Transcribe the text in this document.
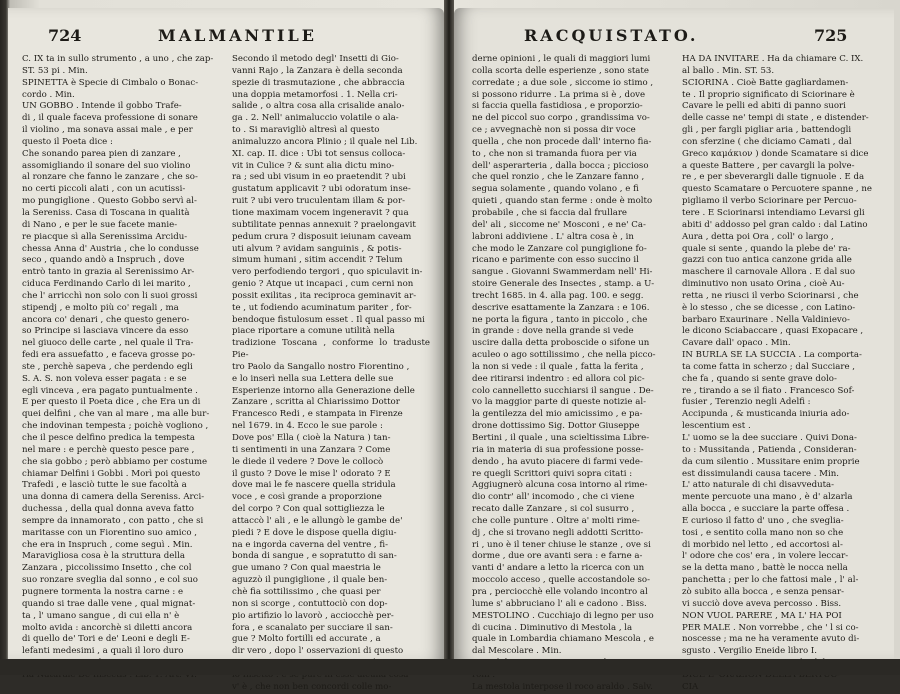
724	MALMANTILE

C. IX ta in sullo strumento , a uno , che zap-

ST. 53 pi . Min.

SPINETTA è Specie di Cimbalo o Bonac-

cordo . Min.

UN GOBBO . Intende il gobbo Trafe-

di , il quale faceva professione di sonare

il violino , ma sonava assai male , e per

questo il Poeta dice :

Che sonando parea pien di zanzare ,

assomigliando il sonare del suo violino

al ronzare che fanno le zanzare , che so-

no certi piccoli alati , con un acutissi-

mo pungiglione . Questo Gobbo servì al-

la Sereniss. Casa di Toscana in qualità

di Nano , e per le sue facete manie-

re piacque sì alla Serenissima Arcidu-

chessa Anna d' Austria , che lo condusse

seco , quando andò a Inspruch , dove

entrò tanto in grazia al Serenissimo Ar-

ciduca Ferdinando Carlo di lei marito ,

che l' arricchì non solo con li suoi grossi

stipendj , e molto più co' regali , ma

ancora co' denari , che questo genero-

so Principe si lasciava vincere da esso

nel giuoco delle carte , nel quale il Tra-

fedi era assuefatto , e faceva grosse po-

ste , perchè sapeva , che perdendo egli

S. A. S. non voleva esser pagata : e se

egli vinceva , era pagato puntualmente .

E per questo il Poeta dice , che Era un di

quei delfini , che van al mare , ma alle bur-

che indovinan tempesta ; poichè vogliono ,

che il pesce delfino predica la tempesta

nel mare : e perchè questo pesce pare ,

che sia gobbo ; però abbiamo per costume

chiamar Delfini i Gobbi . Morì poi questo

Trafedi , e lasciò tutte le sue facoltà a

una donna di camera della Sereniss. Arci-

duchessa , della qual donna aveva fatto

sempre da innamorato , con patto , che si

maritasse con un Fiorentino suo amico ,

che era in Inspruch , come seguì . Min.

Maravigliosa cosa è la struttura della

Zanzara , piccolissimo Insetto , che col

suo ronzare sveglia dal sonno , e col suo

pugnere tormenta la nostra carne : e

quando si trae dalle vene , qual mignat-

ta , l' umano sangue , di cui ella n' è

molto avida : ancorchè si diletti ancora

di quello de' Tori e de' Leoni e degli E-

lefanti medesimi , a quali il loro duro

Secondo il metodo degl' Insetti di Gio-

vanni Rajo , la Zanzara è della seconda

spezie di trasmutazione , che abbraccia

una doppia metamorfosi . 1. Nella cri-

salide , o altra cosa alla crisalide analo-

ga . 2. Nell' animaluccio volatile o ala-

to . Si maravigliò altresì al questo

animaluzzo ancora Plinio ; il quale nel Lib.

XI. cap. II. dice : Ubi tot sensus colloca-

vit in Culice ? & sunt alia dictu mino-

ra ; sed ubi visum in eo praetendit ? ubi

gustatum applicavit ? ubi odoratum inse-

ruit ? ubi vero truculentam illam & por-

tione maximam vocem ingeneravit ? qua

subtilitate pennas annexuit ? praelongavit

pedum crura ? disposuit ieiunam caveam

uti alvum ? avidam sanguinis , & potis-

simum humani , sitim accendit ? Telum

vero perfodiendo tergori , quo spiculavit in-

genio ? Atque ut incapaci , cum cerni non

possit exilitas , ita reciproca geminavit ar-

te , ut fodiendo acuminatum pariter , for-

bendoque fistulosum esset . Il qual passo mi

piace riportare a comune utilità nella

tradizione Toscana , conforme lo traduste Pie-

tro Paolo da Sangallo nostro Fiorentino ,

e lo inserì nella sua Lettera delle sue

Esperienze intorno alla Generazione delle

Zanzare , scritta al Chiarissimo Dottor

Francesco Redi , e stampata in Firenze

nel 1679. in 4. Ecco le sue parole :

Dove pos' Ella ( cioè la Natura ) tan-

ti sentimenti in una Zanzara ? Come

le diede il vedere ? Dove le collocò

il gusto ? Dove le mise l' odorato ? E

dove mai le fe nascere quella stridula

voce , e così grande a proporzione

del corpo ? Con qual sottigliezza le

attaccò l' ali , e le allungò le gambe de'

piedi ? E dove le dispose quella digiu-

na e ingorda caverna del ventre , fi-

bonda di sangue , e sopratutto di san-

gue umano ? Con qual maestria le

aguzzò il pungiglione , il quale ben-

chè fia sottilissimo , che quasi per

non si scorge , contuttociò con dop-

pio artifizio lo lavorò , acciocchè per-

fora , e scanalato per succiare il san-

gue ? Molto fortilli ed accurate , a

dir vero , dopo l' osservazioni di questo

v' è , che non ben concordi colle mo-

RACQUISTATO.	725

derne opinioni , le quali di maggiori lumi

colla scorta delle esperienze , sono state

corredate ; a due sole , siccome io stimo ,

si possono ridurre . La prima si è , dove

si faccia quella fastidiosa , e proporzio-

ne del piccol suo corpo , grandissima vo-

ce ; avvegnachè non si possa dir voce

quella , che non procede dall' interno fia-

to , che non si tramanda fuora per via

dell' asperarteria , dalla bocca ; piccioso

che quel ronzio , che le Zanzare fanno ,

segua solamente , quando volano , e fi

quieti , quando stan ferme : onde è molto

probabile , che si faccia dal frullare

del' ali , siccome ne' Mosconi , e ne' Ca-

labroni addiviene . L' altra cosa è , in

che modo le Zanzare col pungiglione fo-

ricano e parimente con esso succino il

sangue . Giovanni Swammerdam nell' Hi-

stoire Generale des Insectes , stamp. a U-

trecht 1685. in 4. alla pag. 100. e segg.

descrive esattamente la Zanzara : e 106.

ne porta la figura , tanto in piccolo , che

in grande : dove nella grande si vede

uscire dalla detta proboscide o sifone un

aculeo o ago sottilissimo , che nella picco-

la non si vede : il quale , fatta la ferita ,

dee ritirarsi indentro : ed allora col pic-

colo cannelletto succhiarsi il sangue . De-

vo la maggior parte di queste notizie al-

la gentilezza del mio amicissimo , e pa-

drone dottissimo Sig. Dottor Giuseppe

Bertini , il quale , una scieltissima Libre-

ria in materia di sua professione posse-

dendo , ha avuto piacere di farmi vede-

re quegli Scrittori quivi sopra citati :

Aggiugnerò alcuna cosa intorno al rime-

dio contr' all' incomodo , che ci viene

recato dalle Zanzare , si col susurro ,

che colle punture . Oltre a' molti rime-

dj , che si trovano negli addotti Scritto-

ri , uno è il tener chiuse le stanze , ove si

dorme , due ore avanti sera : e farne a-

vanti d' andare a letto la ricerca con un

moccolo acceso , quelle accostandole so-

pra , perciocchè elle volando incontro al

lume s' abbruciano l' ali e cadono . Biss.

MESTOLINO . Cucchiajo di legno per uso

di cucina . Diminutivo di Mestola , la

quale in Lombardia chiamano Mescola , e

dal Mescolare . Min.

La mestola interpose il roco araldo . Salv.

HA DA INVITARE . Ha da chiamare C. IX.

al ballo . Min. ST. 53.

SCIORINA . Cioè Batte gagliardamen-

te . Il proprio significato di Sciorinare è

Cavare le pelli ed abiti di panno suori

delle casse ne' tempi di state , e distender-

gli , per fargli pigliar aria , battendogli

con sferzine ( che diciamo Camati , dal

Greco καμάκιον ) donde Scamatare si dice

a queste Battere , per cavargli la polve-

re , e per sbeverargli dalle tignuole . E da

questo Scamatare o Percuotere spanne , ne

pigliamo il verbo Sciorinare per Percuo-

tere . E Sciorinarsi intendiamo Levarsi gli

abiti d' addosso pel gran caldo : dal Latino

Aura , detta poi Ora , coll' o largo ,

quale si sente , quando la plebe de' ra-

gazzi con tuo antica canzone grida alle

maschere il carnovale Allora . E dal suo

diminutivo non usato Orina , cioè Au-

retta , ne riusci il verbo Sciorinarsi , che

è lo stesso , che se dicesse , con Latino-

barbaro Exaurinare . Nella Valdinievo-

le dicono Sciabaccare , quasi Exopacare ,

Cavare dall' opaco . Min.

IN BURLA SE LA SUCCIA . La comporta-

ta come fatta in scherzo ; dal Succiare ,

che fa , quando si sente grave dolo-

re , tirando a se il fiato . Francesco Sof-

fusier , Terenzio negli Adelfi :

Accipunda , & musticanda iniuria ado-

lescentium est .

L' uomo se la dee succiare . Quivi Dona-

to : Mussitanda , Patienda , Consideran-

da cum silentio . Mussitare enim proprie

est dissimulandi causa tacere . Min.

L' atto naturale di chi disavveduta-

mente percuote una mano , è d' alzarla

alla bocca , e succiare la parte offesa .

E curioso il fatto d' uno , che sveglia-

tosi , e sentito colla mano non so che

di morbido nel letto , ed accortosi al-

l' odore che cos' era , in volere leccar-

se la detta mano , battè le nocca nella

panchetta ; per lo che fattosi male , l' al-

zò subito alla bocca , e senza pensar-

vi succiò dove aveva percosso . Biss.

NON VUOL PARERE , MA L' HA POI

PER MALE . Non vorrebbe , che ' l si co-

noscesse ; ma ne ha veramente avuto di-

sgusto . Vergilio Eneide libro I.

CIA
